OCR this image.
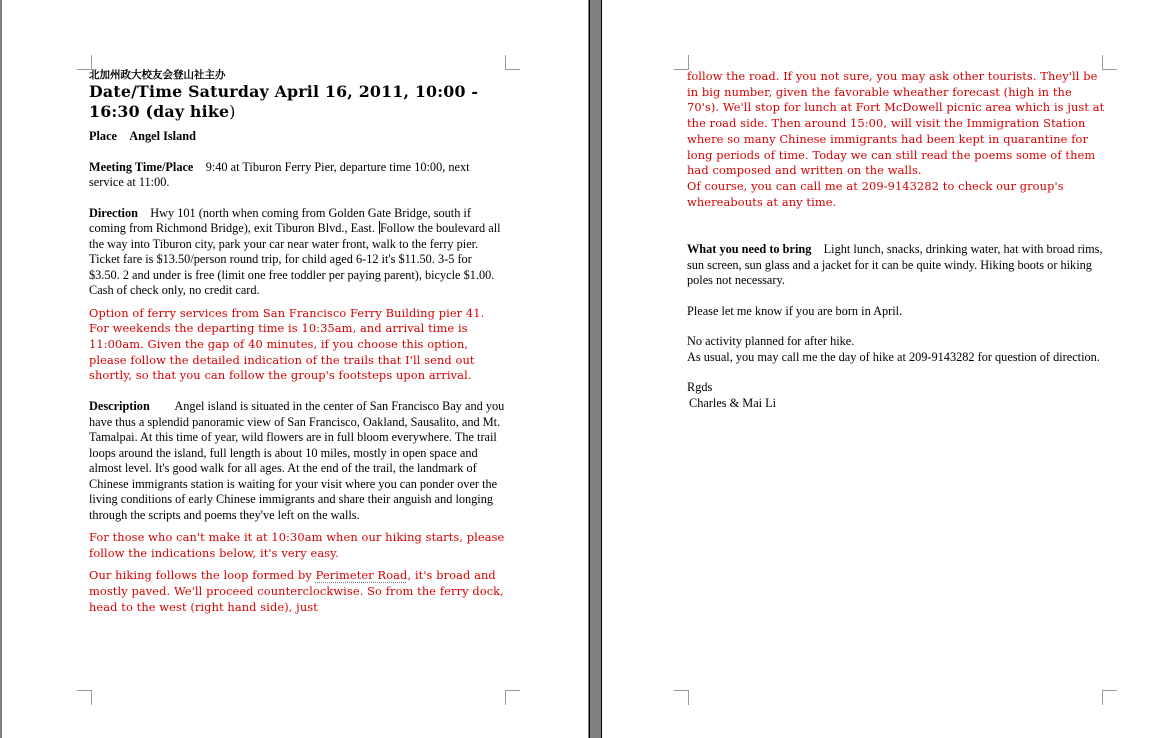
北加州政大校友会登山社主办

Date/Time Saturday April 16, 2011, 10:00 - 16:30 (day hike)

Place Angel Island

Meeting Time/Place 9:40 at Tiburon Ferry Pier, departure time 10:00, next service at 11:00.

Direction Hwy 101 (north when coming from Golden Gate Bridge, south if coming from Richmond Bridge), exit Tiburon Blvd., East. Follow the boulevard all the way into Tiburon city, park your car near water front, walk to the ferry pier. Ticket fare is $13.50/person round trip, for child aged 6-12 it's $11.50. 3-5 for $3.50. 2 and under is free (limit one free toddler per paying parent), bicycle $1.00. Cash of check only, no credit card.

Option of ferry services from San Francisco Ferry Building pier 41. For weekends the departing time is 10:35am, and arrival time is 11:00am. Given the gap of 40 minutes, if you choose this option, please follow the detailed indication of the trails that I'll send out shortly, so that you can follow the group's footsteps upon arrival.

Description Angel island is situated in the center of San Francisco Bay and you have thus a splendid panoramic view of San Francisco, Oakland, Sausalito, and Mt. Tamalpai. At this time of year, wild flowers are in full bloom everywhere. The trail loops around the island, full length is about 10 miles, mostly in open space and almost level. It's good walk for all ages. At the end of the trail, the landmark of Chinese immigrants station is waiting for your visit where you can ponder over the living conditions of early Chinese immigrants and share their anguish and longing through the scripts and poems they've left on the walls.

For those who can't make it at 10:30am when our hiking starts, please follow the indications below, it's very easy.

Our hiking follows the loop formed by Perimeter Road, it's broad and mostly paved. We'll proceed counterclockwise. So from the ferry dock, head to the west (right hand side), just

follow the road. If you not sure, you may ask other tourists. They'll be in big number, given the favorable wheather forecast (high in the 70's). We'll stop for lunch at Fort McDowell picnic area which is just at the road side. Then around 15:00, will visit the Immigration Station where so many Chinese immigrants had been kept in quarantine for long periods of time. Today we can still read the poems some of them had composed and written on the walls.

Of course, you can call me at 209-9143282 to check our group's whereabouts at any time.

What you need to bring Light lunch, snacks, drinking water, hat with broad rims, sun screen, sun glass and a jacket for it can be quite windy. Hiking boots or hiking poles not necessary.

Please let me know if you are born in April.

No activity planned for after hike.

As usual, you may call me the day of hike at 209-9143282 for question of direction.

Rgds

Charles & Mai Li
